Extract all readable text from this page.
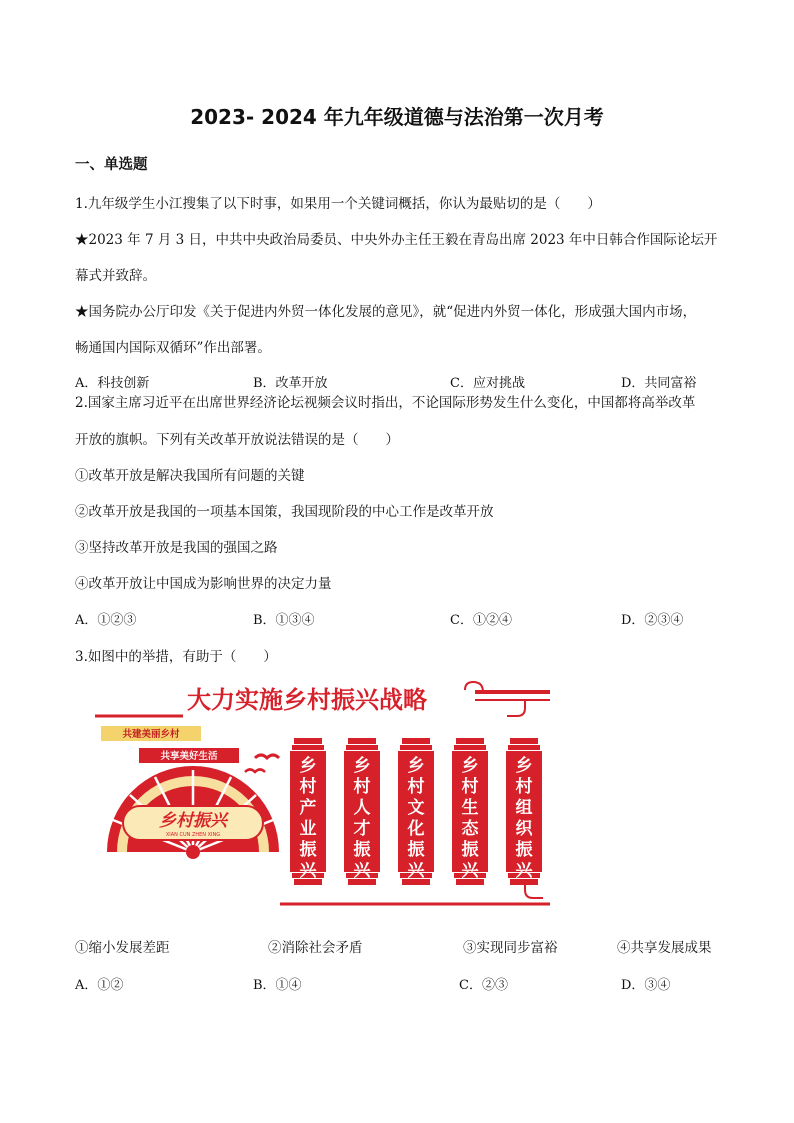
2023- 2024 年九年级道德与法治第一次月考
一、单选题
1.九年级学生小江搜集了以下时事，如果用一个关键词概括，你认为最贴切的是（　　）
★2023 年 7 月 3 日，中共中央政治局委员、中央外办主任王毅在青岛出席 2023 年中日韩合作国际论坛开
幕式并致辞。
★国务院办公厅印发《关于促进内外贸一体化发展的意见》，就“促进内外贸一体化，形成强大国内市场，
畅通国内国际双循环”作出部署。
A．科技创新	B．改革开放	C．应对挑战	D．共同富裕
2.国家主席习近平在出席世界经济论坛视频会议时指出，不论国际形势发生什么变化，中国都将高举改革
开放的旗帜。下列有关改革开放说法错误的是（　　）
①改革开放是解决我国所有问题的关键
②改革开放是我国的一项基本国策，我国现阶段的中心工作是改革开放
③坚持改革开放是我国的强国之路
④改革开放让中国成为影响世界的决定力量
A．①②③	B．①③④	C．①②④	D．②③④
3.如图中的举措，有助于（　　）
大力实施乡村振兴战略
共建美丽乡村
共享美好生活
乡村振兴
XIAN CUN ZHEN XING
乡
村
产
业
振
兴
乡
村
人
才
振
兴
乡
村
文
化
振
兴
乡
村
生
态
振
兴
乡
村
组
织
振
兴
①缩小发展差距	②消除社会矛盾	③实现同步富裕	④共享发展成果
A．①②	B．①④	C．②③	D．③④
